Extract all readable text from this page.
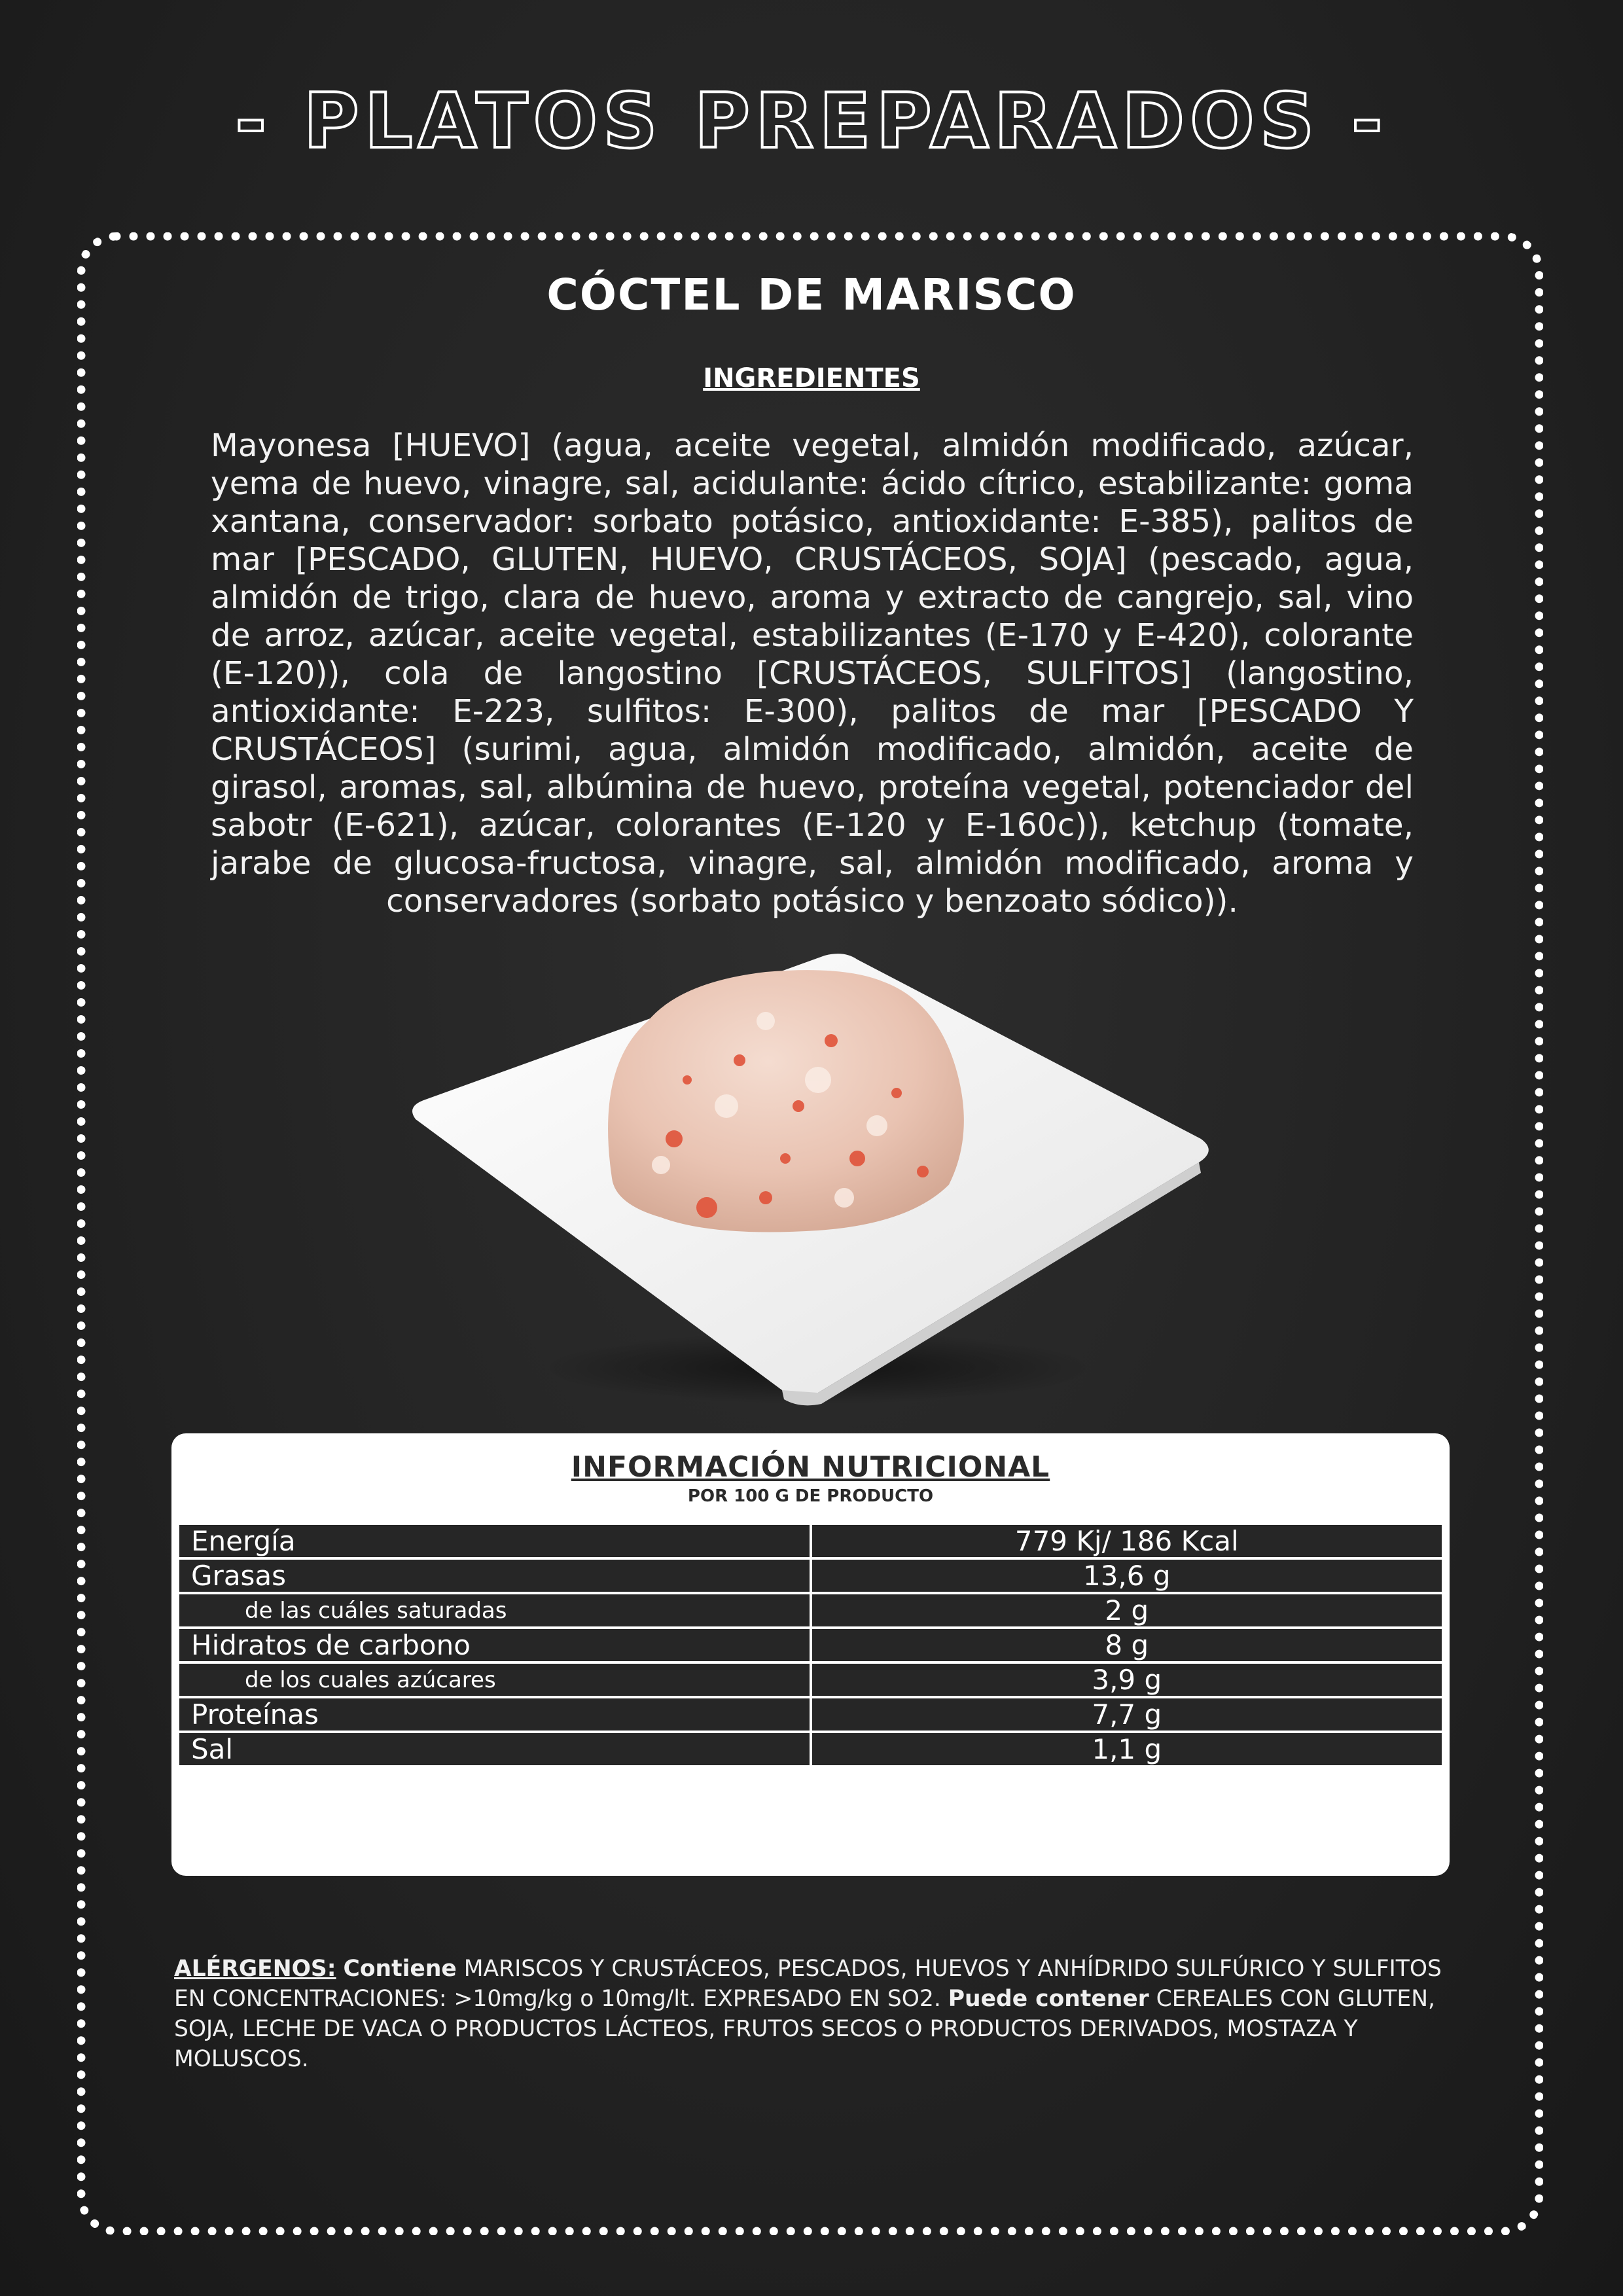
- PLATOS PREPARADOS -
CÓCTEL DE MARISCO
INGREDIENTES
Mayonesa [HUEVO] (agua, aceite vegetal, almidón modificado, azúcar, yema de huevo, vinagre, sal, acidulante: ácido cítrico, estabilizante: goma xantana, conservador: sorbato potásico, antioxidante: E-385), palitos de mar [PESCADO, GLUTEN, HUEVO, CRUSTÁCEOS, SOJA] (pescado, agua, almidón de trigo, clara de huevo, aroma y extracto de cangrejo, sal, vino de arroz, azúcar, aceite vegetal, estabilizantes (E-170 y E-420), colorante (E-120)), cola de langostino [CRUSTÁCEOS, SULFITOS] (langostino, antioxidante: E-223, sulfitos: E-300), palitos de mar [PESCADO Y CRUSTÁCEOS] (surimi, agua, almidón modificado, almidón, aceite de girasol, aromas, sal, albúmina de huevo, proteína vegetal, potenciador del sabotr (E-621), azúcar, colorantes (E-120 y E-160c)), ketchup (tomate, jarabe de glucosa-fructosa, vinagre, sal, almidón modificado, aroma y conservadores (sorbato potásico y benzoato sódico)).
INFORMACIÓN NUTRICIONAL
POR 100 G DE PRODUCTO
Energía	779 Kj/ 186 Kcal
Grasas	13,6 g
de las cuáles saturadas	2 g
Hidratos de carbono	8 g
de los cuales azúcares	3,9 g
Proteínas	7,7 g
Sal	1,1 g
ALÉRGENOS: Contiene MARISCOS Y CRUSTÁCEOS, PESCADOS, HUEVOS Y ANHÍDRIDO SULFÚRICO Y SULFITOS EN CONCENTRACIONES: >10mg/kg o 10mg/lt. EXPRESADO EN SO2. Puede contener CEREALES CON GLUTEN, SOJA, LECHE DE VACA O PRODUCTOS LÁCTEOS, FRUTOS SECOS O PRODUCTOS DERIVADOS, MOSTAZA Y MOLUSCOS.
